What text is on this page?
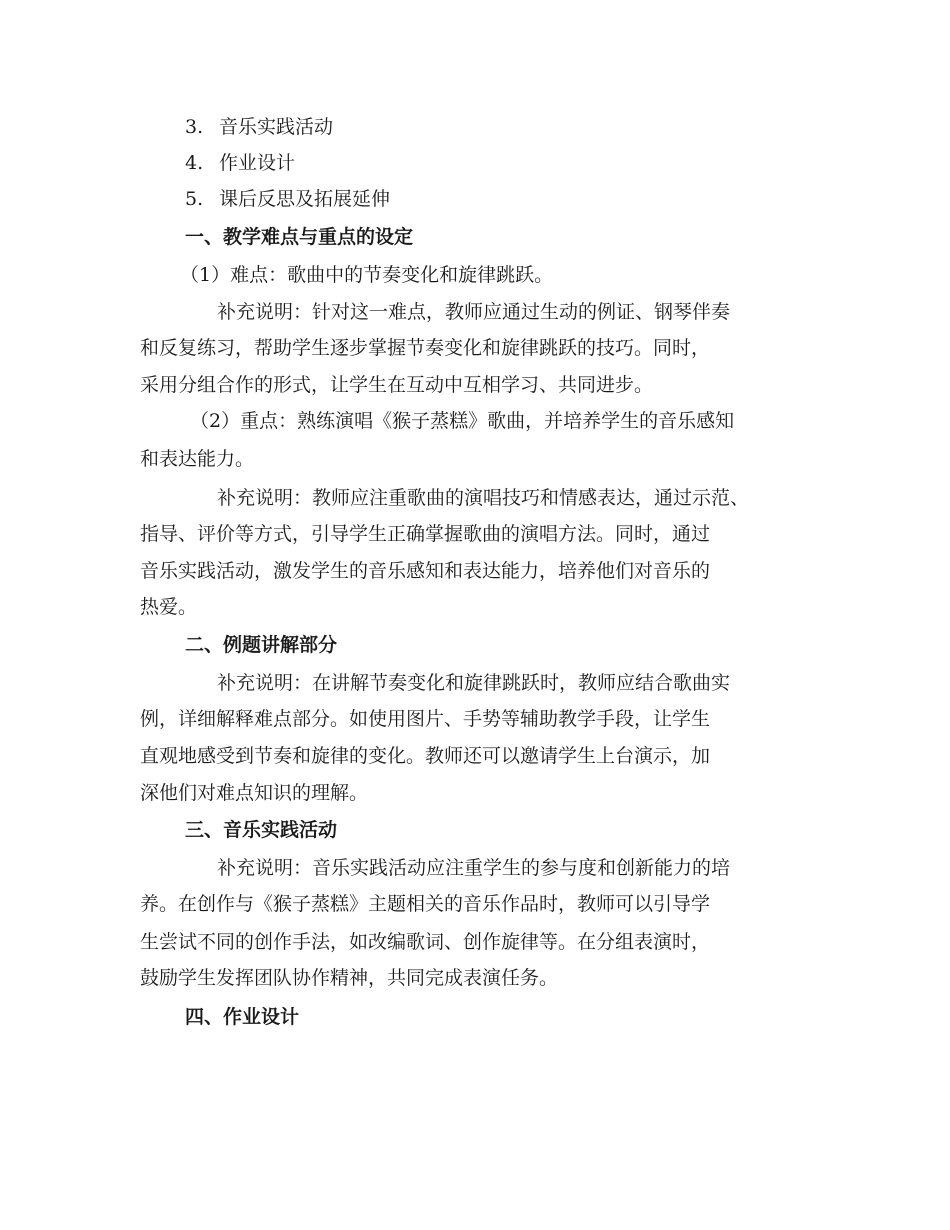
3. 音乐实践活动
4. 作业设计
5. 课后反思及拓展延伸
一、教学难点与重点的设定
（1）难点：歌曲中的节奏变化和旋律跳跃。
补充说明：针对这一难点，教师应通过生动的例证、钢琴伴奏
和反复练习，帮助学生逐步掌握节奏变化和旋律跳跃的技巧。同时，
采用分组合作的形式，让学生在互动中互相学习、共同进步。
（2）重点：熟练演唱《猴子蒸糕》歌曲，并培养学生的音乐感知
和表达能力。
补充说明：教师应注重歌曲的演唱技巧和情感表达，通过示范、
指导、评价等方式，引导学生正确掌握歌曲的演唱方法。同时，通过
音乐实践活动，激发学生的音乐感知和表达能力，培养他们对音乐的
热爱。
二、例题讲解部分
补充说明：在讲解节奏变化和旋律跳跃时，教师应结合歌曲实
例，详细解释难点部分。如使用图片、手势等辅助教学手段，让学生
直观地感受到节奏和旋律的变化。教师还可以邀请学生上台演示，加
深他们对难点知识的理解。
三、音乐实践活动
补充说明：音乐实践活动应注重学生的参与度和创新能力的培
养。在创作与《猴子蒸糕》主题相关的音乐作品时，教师可以引导学
生尝试不同的创作手法，如改编歌词、创作旋律等。在分组表演时，
鼓励学生发挥团队协作精神，共同完成表演任务。
四、作业设计
